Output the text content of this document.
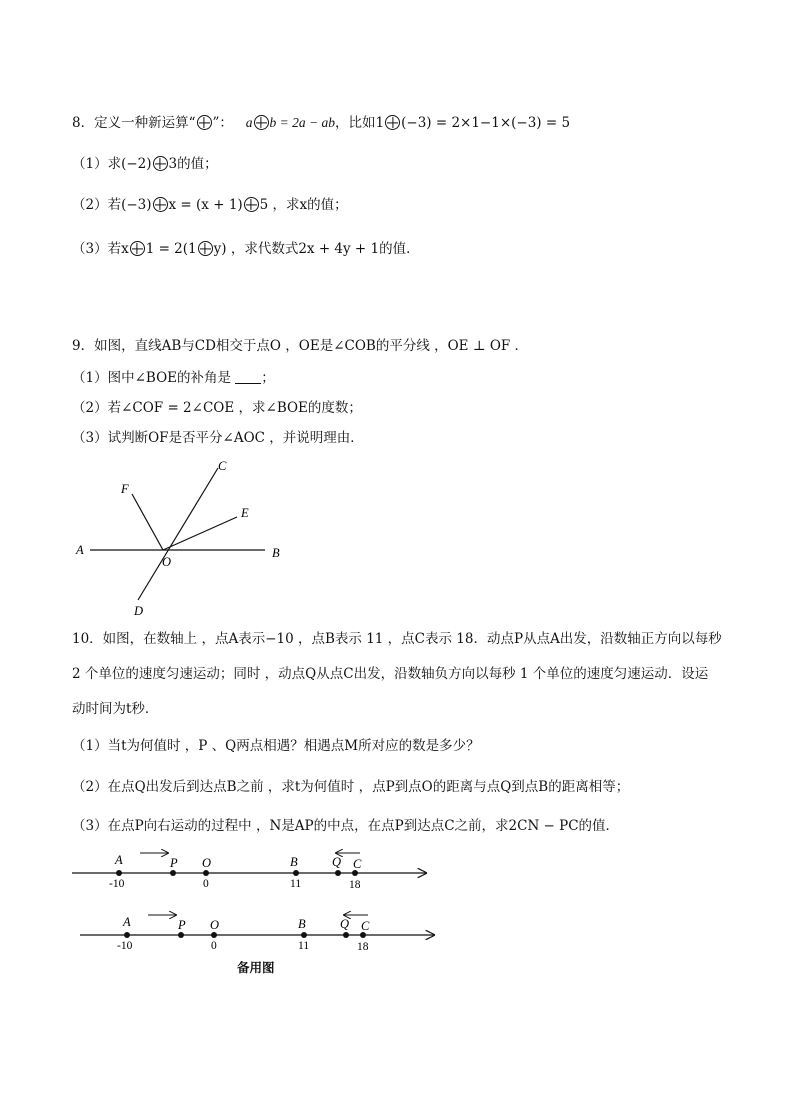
8．定义一种新运算“ ”： a b = 2a − ab，比如1 (−3) = 2×1−1×(−3) = 5
（1）求(−2) 3的值；
（2）若(−3) x = (x + 1) 5 ，求x的值；
（3）若x 1 = 2(1 y) ，求代数式2x + 4y + 1的值．
9．如图，直线AB与CD相交于点O ，OE是∠COB的平分线 ，OE ⊥ OF ．
（1）图中∠BOE的补角是 ；
（2）若∠COF = 2∠COE ，求∠BOE的度数；
（3）试判断OF是否平分∠AOC ，并说明理由．
A	B
C
D
E
F
O
10．如图，在数轴上 ，点A表示−10 ，点B表示 11 ，点C表示 18．动点P从点A出发，沿数轴正方向以每秒
2 个单位的速度匀速运动；同时 ，动点Q从点C出发，沿数轴负方向以每秒 1 个单位的速度匀速运动．设运
动时间为t秒．
（1）当t为何值时 ，P 、Q两点相遇？相遇点M所对应的数是多少？
（2）在点Q出发后到达点B之前 ，求t为何值时 ，点P到点O的距离与点Q到点B的距离相等；
（3）在点P向右运动的过程中 ，N是AP的中点，在点P到达点C之前，求2CN − PC的值．
A	P O	B	Q C
-10	0	11	18
A	P O	B	Q C
-10	0	11	18
备用图
